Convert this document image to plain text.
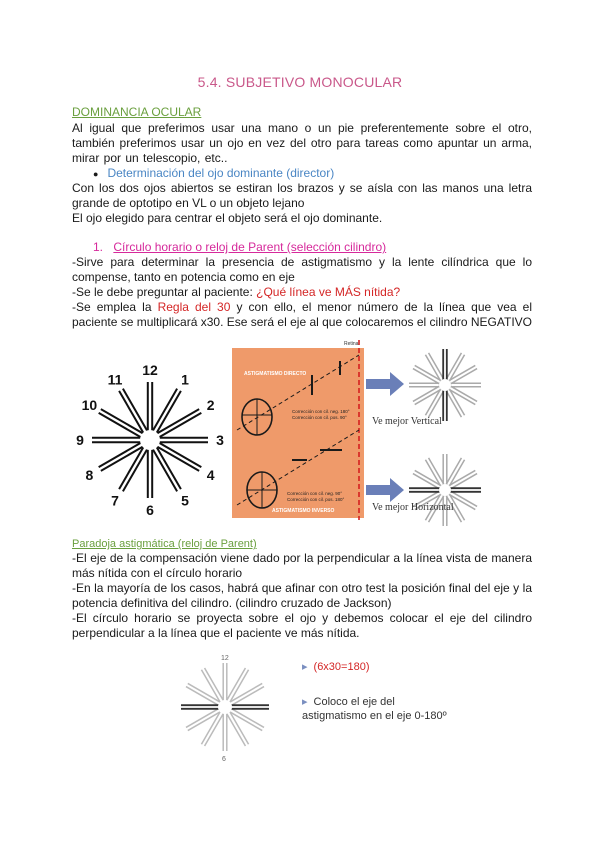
5.4. SUBJETIVO MONOCULAR
DOMINANCIA OCULAR
Al igual que preferimos usar una mano o un pie preferentemente sobre el otro, también preferimos usar un ojo en vez del otro para tareas como apuntar un arma, mirar por un telescopio, etc..
● Determinación del ojo dominante (director)
Con los dos ojos abiertos se estiran los brazos y se aísla con las manos una letra grande de optotipo en VL o un objeto lejano
El ojo elegido para centrar el objeto será el ojo dominante.
1. Círculo horario o reloj de Parent (selección cilindro)
-Sirve para determinar la presencia de astigmatismo y la lente cilíndrica que lo compense, tanto en potencia como en eje
-Se le debe preguntar al paciente: ¿Qué línea ve MÁS nítida?
-Se emplea la Regla del 30 y con ello, el menor número de la línea que vea el paciente se multiplicará x30. Ese será el eje al que colocaremos el cilindro NEGATIVO
12
1
2
3
4
5
6
7
8
9
10
11
Retina
ASTIGMATISMO DIRECTO
Corrección con cil. neg. 180°
Corrección con cil. pos. 90°
Corrección con cil. neg. 90°
Corrección con cil. pos. 180°
ASTIGMATISMO INVERSO
Ve mejor Vertical
Ve mejor Horizontal
Paradoja astigmática (reloj de Parent)
-El eje de la compensación viene dado por la perpendicular a la línea vista de manera más nítida con el círculo horario
-En la mayoría de los casos, habrá que afinar con otro test la posición final del eje y la potencia definitiva del cilindro. (cilindro cruzado de Jackson)
-El círculo horario se proyecta sobre el ojo y debemos colocar el eje del cilindro perpendicular a la línea que el paciente ve más nítida.
12
6
▸ (6x30=180)
▸ Coloco el eje del astigmatismo en el eje 0-180º
